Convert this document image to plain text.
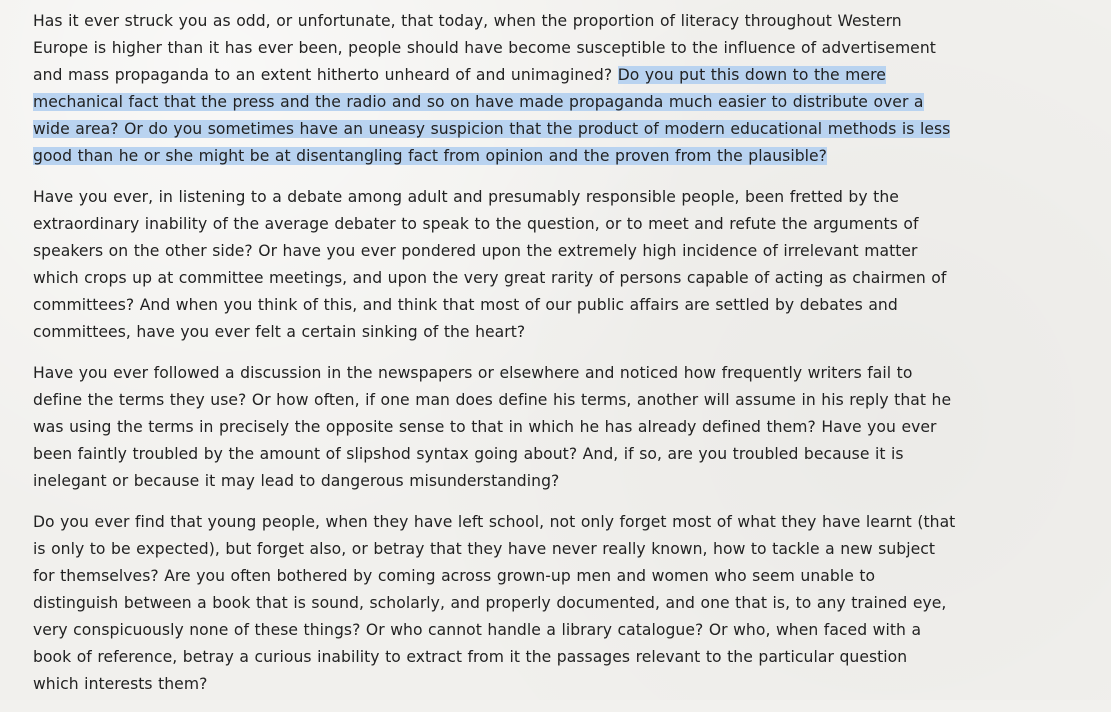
Has it ever struck you as odd, or unfortunate, that today, when the proportion of literacy throughout Western Europe is higher than it has ever been, people should have become susceptible to the influence of advertisement and mass propaganda to an extent hitherto unheard of and unimagined? Do you put this down to the mere mechanical fact that the press and the radio and so on have made propaganda much easier to distribute over a wide area? Or do you sometimes have an uneasy suspicion that the product of modern educational methods is less good than he or she might be at disentangling fact from opinion and the proven from the plausible?

Have you ever, in listening to a debate among adult and presumably responsible people, been fretted by the extraordinary inability of the average debater to speak to the question, or to meet and refute the arguments of speakers on the other side? Or have you ever pondered upon the extremely high incidence of irrelevant matter which crops up at committee meetings, and upon the very great rarity of persons capable of acting as chairmen of committees? And when you think of this, and think that most of our public affairs are settled by debates and committees, have you ever felt a certain sinking of the heart?

Have you ever followed a discussion in the newspapers or elsewhere and noticed how frequently writers fail to define the terms they use? Or how often, if one man does define his terms, another will assume in his reply that he was using the terms in precisely the opposite sense to that in which he has already defined them? Have you ever been faintly troubled by the amount of slipshod syntax going about? And, if so, are you troubled because it is inelegant or because it may lead to dangerous misunderstanding?

Do you ever find that young people, when they have left school, not only forget most of what they have learnt (that is only to be expected), but forget also, or betray that they have never really known, how to tackle a new subject for themselves? Are you often bothered by coming across grown-up men and women who seem unable to distinguish between a book that is sound, scholarly, and properly documented, and one that is, to any trained eye, very conspicuously none of these things? Or who cannot handle a library catalogue? Or who, when faced with a book of reference, betray a curious inability to extract from it the passages relevant to the particular question which interests them?
